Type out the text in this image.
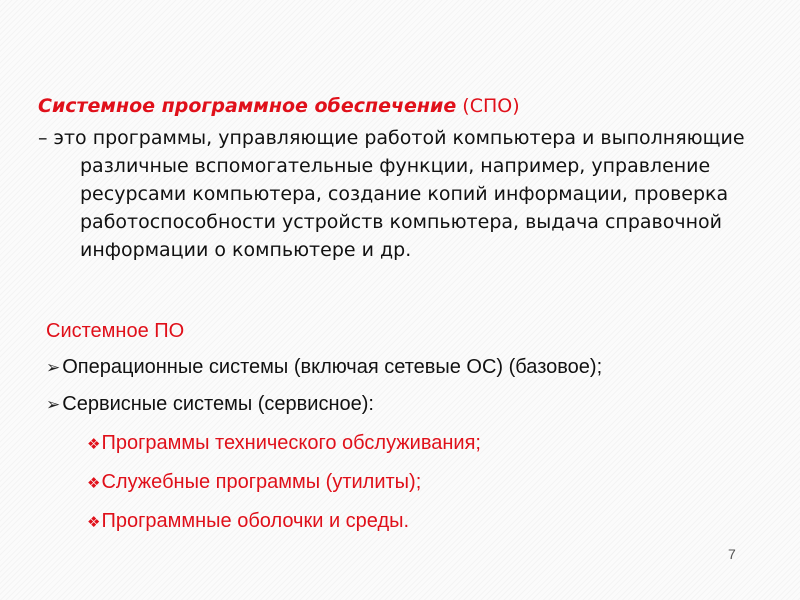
Системное программное обеспечение (СПО)

– это программы, управляющие работой компьютера и выполняющие различные вспомогательные функции, например, управление ресурсами компьютера, создание копий информации, проверка работоспособности устройств компьютера, выдача справочной информации о компьютере и др.

Системное ПО

➢ Операционные системы (включая сетевые ОС) (базовое);

➢ Сервисные системы (сервисное):

❖Программы технического обслуживания;

❖Служебные программы (утилиты);

❖Программные оболочки и среды.

7
